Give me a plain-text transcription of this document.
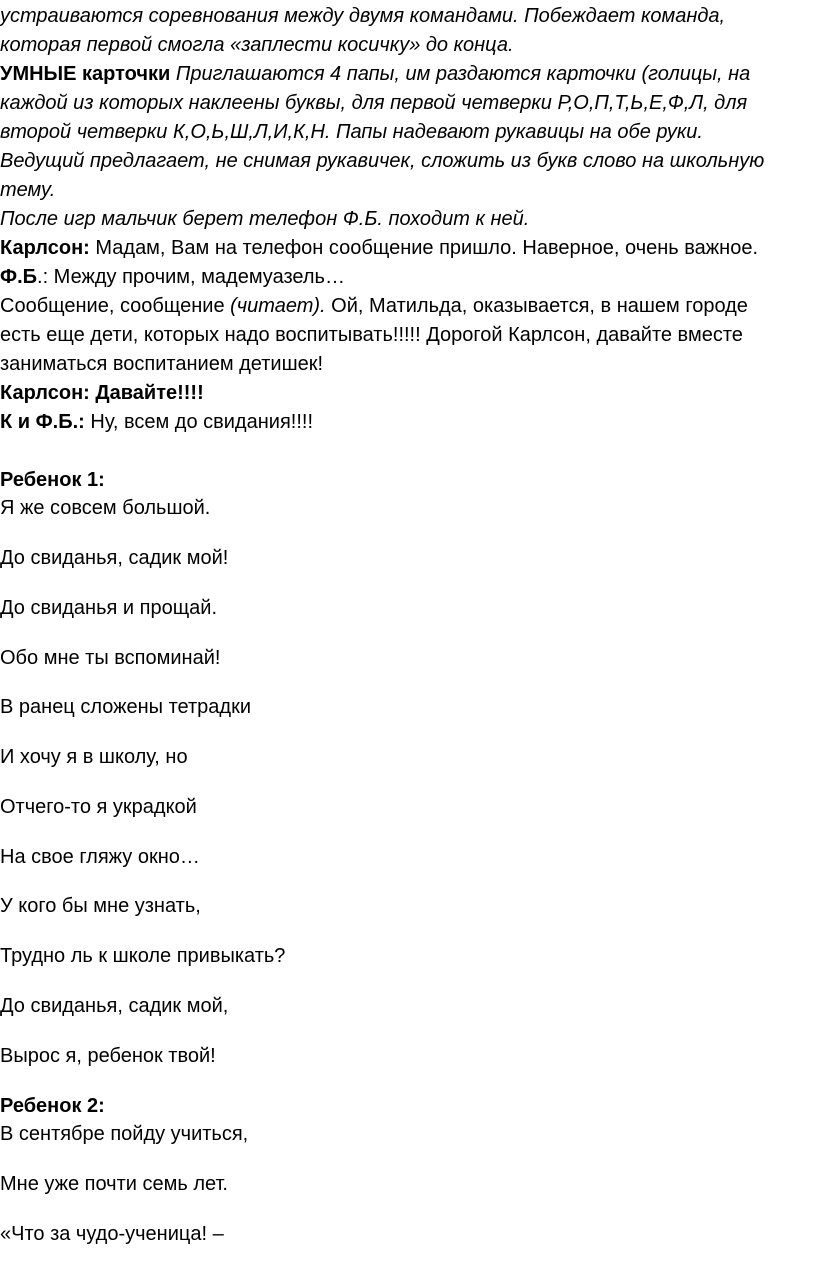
устраиваются соревнования между двумя командами. Побеждает команда,
которая первой смогла «заплести косичку» до конца.
УМНЫЕ карточки Приглашаются 4 папы, им раздаются карточки (голицы, на
каждой из которых наклеены буквы, для первой четверки Р,О,П,Т,Ь,Е,Ф,Л, для
второй четверки К,О,Ь,Ш,Л,И,К,Н. Папы надевают рукавицы на обе руки.
Ведущий предлагает, не снимая рукавичек, сложить из букв слово на школьную
тему.
После игр мальчик берет телефон Ф.Б. походит к ней.
Карлсон: Мадам, Вам на телефон сообщение пришло. Наверное, очень важное.
Ф.Б.: Между прочим, мадемуазель…
Сообщение, сообщение (читает). Ой, Матильда, оказывается, в нашем городе
есть еще дети, которых надо воспитывать!!!!! Дорогой Карлсон, давайте вместе
заниматься воспитанием детишек!
Карлсон: Давайте!!!!
К и Ф.Б.: Ну, всем до свидания!!!!
Ребенок 1:
Я же совсем большой.
До свиданья, садик мой!
До свиданья и прощай.
Обо мне ты вспоминай!
В ранец сложены тетрадки
И хочу я в школу, но
Отчего-то я украдкой
На свое гляжу окно…
У кого бы мне узнать,
Трудно ль к школе привыкать?
До свиданья, садик мой,
Вырос я, ребенок твой!
Ребенок 2:
В сентябре пойду учиться,
Мне уже почти семь лет.
«Что за чудо-ученица! –
